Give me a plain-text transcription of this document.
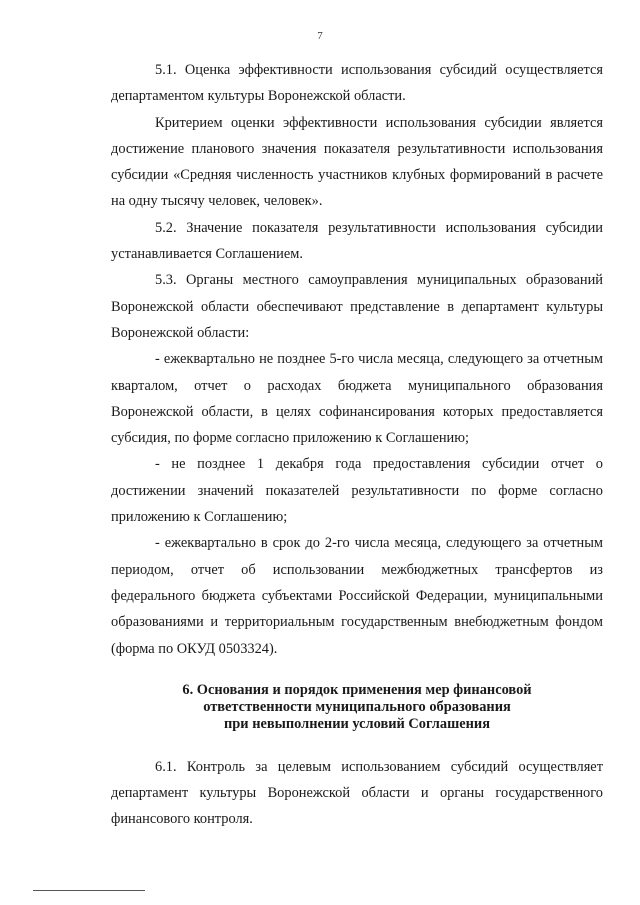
7

5.1. Оценка эффективности использования субсидий осуществляется департаментом культуры Воронежской области.

Критерием оценки эффективности использования субсидии является достижение планового значения показателя результативности использования субсидии «Средняя численность участников клубных формирований в расчете на одну тысячу человек, человек».

5.2. Значение показателя результативности использования субсидии устанавливается Соглашением.

5.3. Органы местного самоуправления муниципальных образований Воронежской области обеспечивают представление в департамент культуры Воронежской области:

- ежеквартально не позднее 5-го числа месяца, следующего за отчетным кварталом, отчет о расходах бюджета муниципального образования Воронежской области, в целях софинансирования которых предоставляется субсидия, по форме согласно приложению к Соглашению;

- не позднее 1 декабря года предоставления субсидии отчет о достижении значений показателей результативности по форме согласно приложению к Соглашению;

- ежеквартально в срок до 2-го числа месяца, следующего за отчетным периодом, отчет об использовании межбюджетных трансфертов из федерального бюджета субъектами Российской Федерации, муниципальными образованиями и территориальным государственным внебюджетным фондом (форма по ОКУД 0503324).

6. Основания и порядок применения мер финансовой
ответственности муниципального образования
при невыполнении условий Соглашения

6.1. Контроль за целевым использованием субсидий осуществляет департамент культуры Воронежской области и органы государственного финансового контроля.
